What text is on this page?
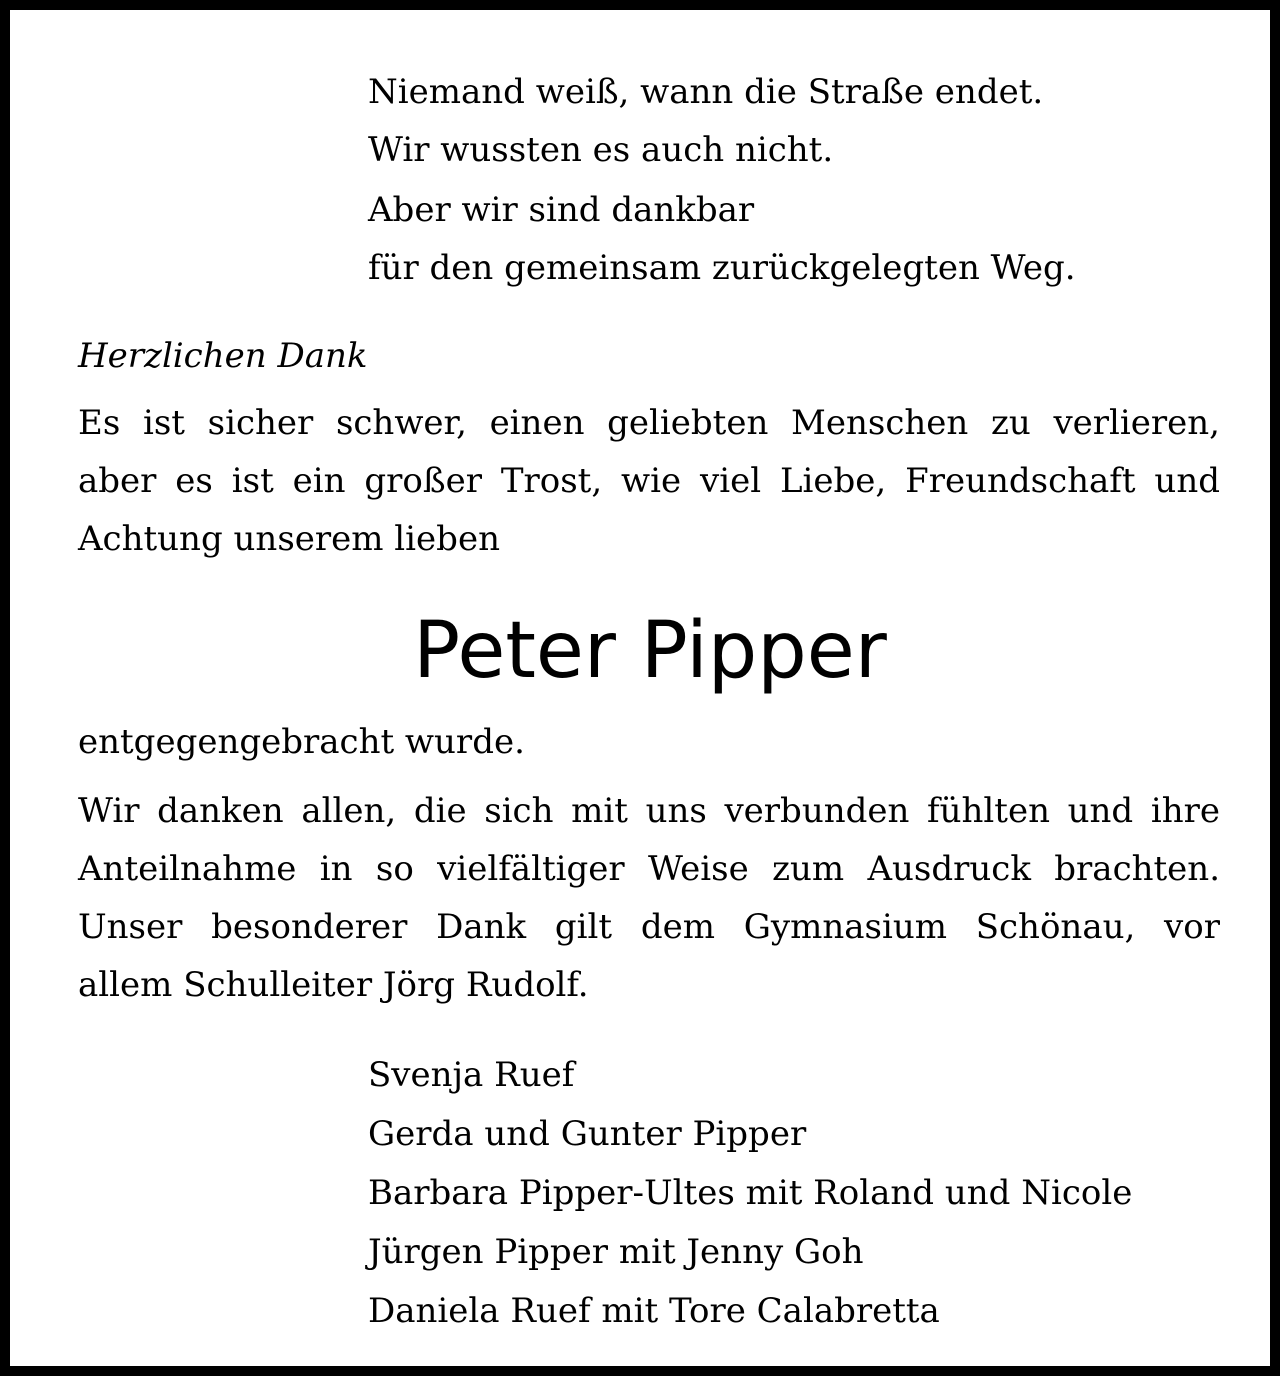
Niemand weiß, wann die Straße endet.
Wir wussten es auch nicht.
Aber wir sind dankbar
für den gemeinsam zurückgelegten Weg.
Herzlichen Dank
Es ist sicher schwer, einen geliebten Menschen zu verlieren,
aber es ist ein großer Trost, wie viel Liebe, Freundschaft und
Achtung unserem lieben
Peter Pipper
entgegengebracht wurde.
Wir danken allen, die sich mit uns verbunden fühlten und ihre
Anteilnahme in so vielfältiger Weise zum Ausdruck brachten.
Unser besonderer Dank gilt dem Gymnasium Schönau, vor
allem Schulleiter Jörg Rudolf.
Svenja Ruef
Gerda und Gunter Pipper
Barbara Pipper-Ultes mit Roland und Nicole
Jürgen Pipper mit Jenny Goh
Daniela Ruef mit Tore Calabretta
